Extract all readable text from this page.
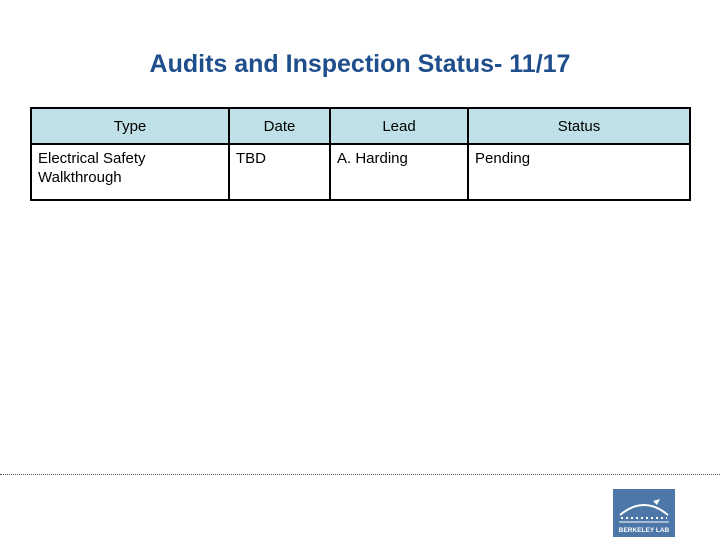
Audits and Inspection Status- 11/17
Type	Date	Lead	Status
Electrical Safety Walkthrough	TBD	A. Harding	Pending
BERKELEY LAB
